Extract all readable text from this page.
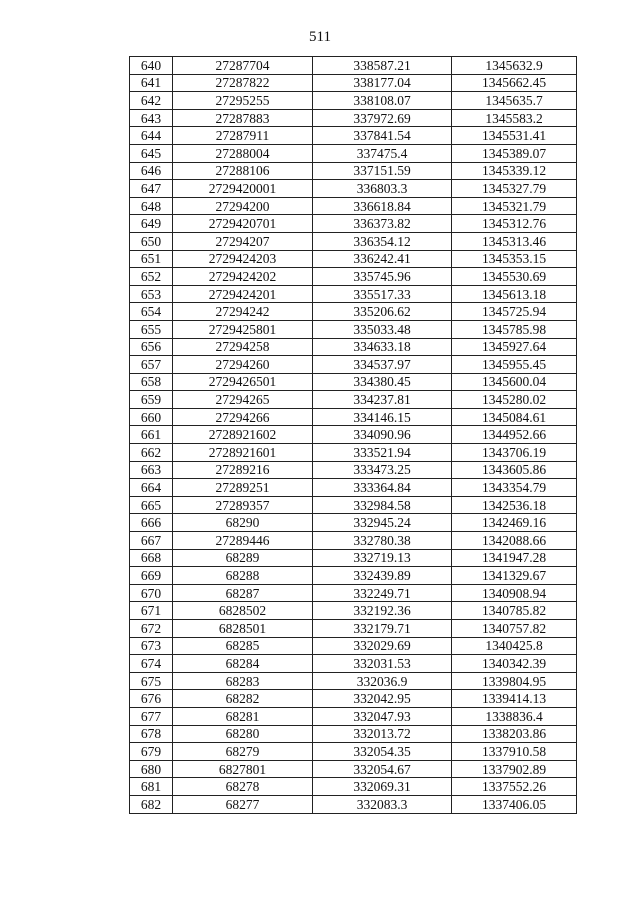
511
640	27287704	338587.21	1345632.9
641	27287822	338177.04	1345662.45
642	27295255	338108.07	1345635.7
643	27287883	337972.69	1345583.2
644	27287911	337841.54	1345531.41
645	27288004	337475.4	1345389.07
646	27288106	337151.59	1345339.12
647	2729420001	336803.3	1345327.79
648	27294200	336618.84	1345321.79
649	2729420701	336373.82	1345312.76
650	27294207	336354.12	1345313.46
651	2729424203	336242.41	1345353.15
652	2729424202	335745.96	1345530.69
653	2729424201	335517.33	1345613.18
654	27294242	335206.62	1345725.94
655	2729425801	335033.48	1345785.98
656	27294258	334633.18	1345927.64
657	27294260	334537.97	1345955.45
658	2729426501	334380.45	1345600.04
659	27294265	334237.81	1345280.02
660	27294266	334146.15	1345084.61
661	2728921602	334090.96	1344952.66
662	2728921601	333521.94	1343706.19
663	27289216	333473.25	1343605.86
664	27289251	333364.84	1343354.79
665	27289357	332984.58	1342536.18
666	68290	332945.24	1342469.16
667	27289446	332780.38	1342088.66
668	68289	332719.13	1341947.28
669	68288	332439.89	1341329.67
670	68287	332249.71	1340908.94
671	6828502	332192.36	1340785.82
672	6828501	332179.71	1340757.82
673	68285	332029.69	1340425.8
674	68284	332031.53	1340342.39
675	68283	332036.9	1339804.95
676	68282	332042.95	1339414.13
677	68281	332047.93	1338836.4
678	68280	332013.72	1338203.86
679	68279	332054.35	1337910.58
680	6827801	332054.67	1337902.89
681	68278	332069.31	1337552.26
682	68277	332083.3	1337406.05
